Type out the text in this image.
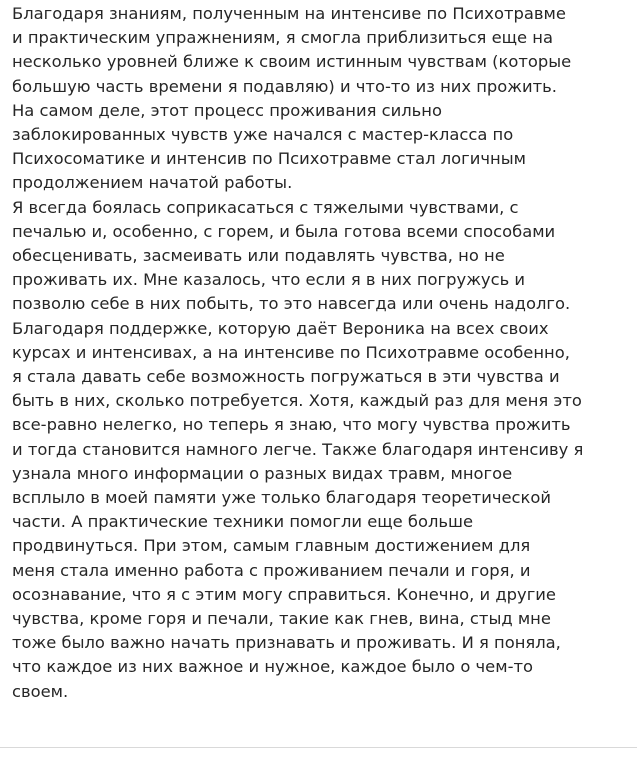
Благодаря знаниям, полученным на интенсиве по Психотравме
и практическим упражнениям, я смогла приблизиться еще на
несколько уровней ближе к своим истинным чувствам (которые
большую часть времени я подавляю) и что-то из них прожить.
На самом деле, этот процесс проживания сильно
заблокированных чувств уже начался с мастер-класса по
Психосоматике и интенсив по Психотравме стал логичным
продолжением начатой работы.
Я всегда боялась соприкасаться с тяжелыми чувствами, с
печалью и, особенно, с горем, и была готова всеми способами
обесценивать, засмеивать или подавлять чувства, но не
проживать их. Мне казалось, что если я в них погружусь и
позволю себе в них побыть, то это навсегда или очень надолго.
Благодаря поддержке, которую даёт Вероника на всех своих
курсах и интенсивах, а на интенсиве по Психотравме особенно,
я стала давать себе возможность погружаться в эти чувства и
быть в них, сколько потребуется. Хотя, каждый раз для меня это
все-равно нелегко, но теперь я знаю, что могу чувства прожить
и тогда становится намного легче. Также благодаря интенсиву я
узнала много информации о разных видах травм, многое
всплыло в моей памяти уже только благодаря теоретической
части. А практические техники помогли еще больше
продвинуться. При этом, самым главным достижением для
меня стала именно работа с проживанием печали и горя, и
осознавание, что я с этим могу справиться. Конечно, и другие
чувства, кроме горя и печали, такие как гнев, вина, стыд мне
тоже было важно начать признавать и проживать. И я поняла,
что каждое из них важное и нужное, каждое было о чем-то
своем.
